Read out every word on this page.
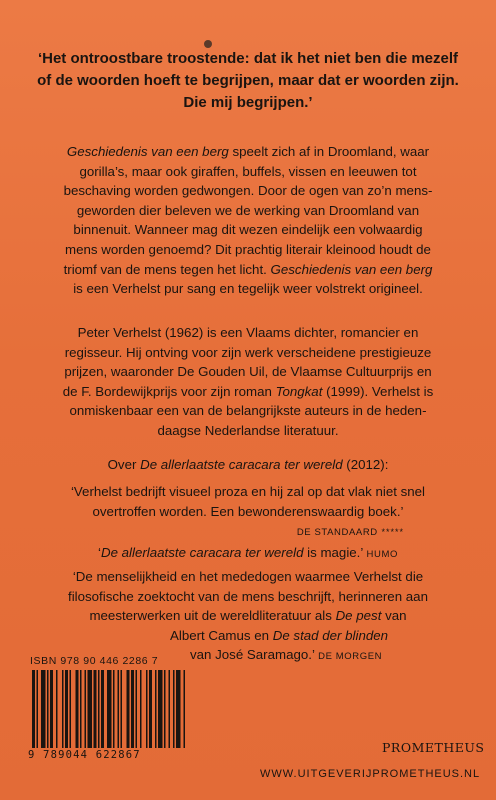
‘Het ontroostbare troostende: dat ik het niet ben die mezelf
of de woorden hoeft te begrijpen, maar dat er woorden zijn.
Die mij begrijpen.’
Geschiedenis van een berg speelt zich af in Droomland, waar
gorilla’s, maar ook giraffen, buffels, vissen en leeuwen tot
beschaving worden gedwongen. Door de ogen van zo’n mens-
geworden dier beleven we de werking van Droomland van
binnenuit. Wanneer mag dit wezen eindelijk een volwaardig
mens worden genoemd? Dit prachtig literair kleinood houdt de
triomf van de mens tegen het licht. Geschiedenis van een berg
is een Verhelst pur sang en tegelijk weer volstrekt origineel.
Peter Verhelst (1962) is een Vlaams dichter, romancier en
regisseur. Hij ontving voor zijn werk verscheidene prestigieuze
prijzen, waaronder De Gouden Uil, de Vlaamse Cultuurprijs en
de F. Bordewijkprijs voor zijn roman Tongkat (1999). Verhelst is
onmiskenbaar een van de belangrijkste auteurs in de heden-
daagse Nederlandse literatuur.
Over De allerlaatste caracara ter wereld (2012):
‘Verhelst bedrijft visueel proza en hij zal op dat vlak niet snel
overtroffen worden. Een bewonderenswaardig boek.’
DE STANDAARD *****
‘De allerlaatste caracara ter wereld is magie.’ HUMO
‘De menselijkheid en het mededogen waarmee Verhelst die
filosofische zoektocht van de mens beschrijft, herinneren aan
meesterwerken uit de wereldliteratuur als De pest van
Albert Camus en De stad der blinden
van José Saramago.’ DE MORGEN
ISBN 978 90 446 2286 7
9 789044 622867	PROMETHEUS
WWW.UITGEVERIJPROMETHEUS.NL
